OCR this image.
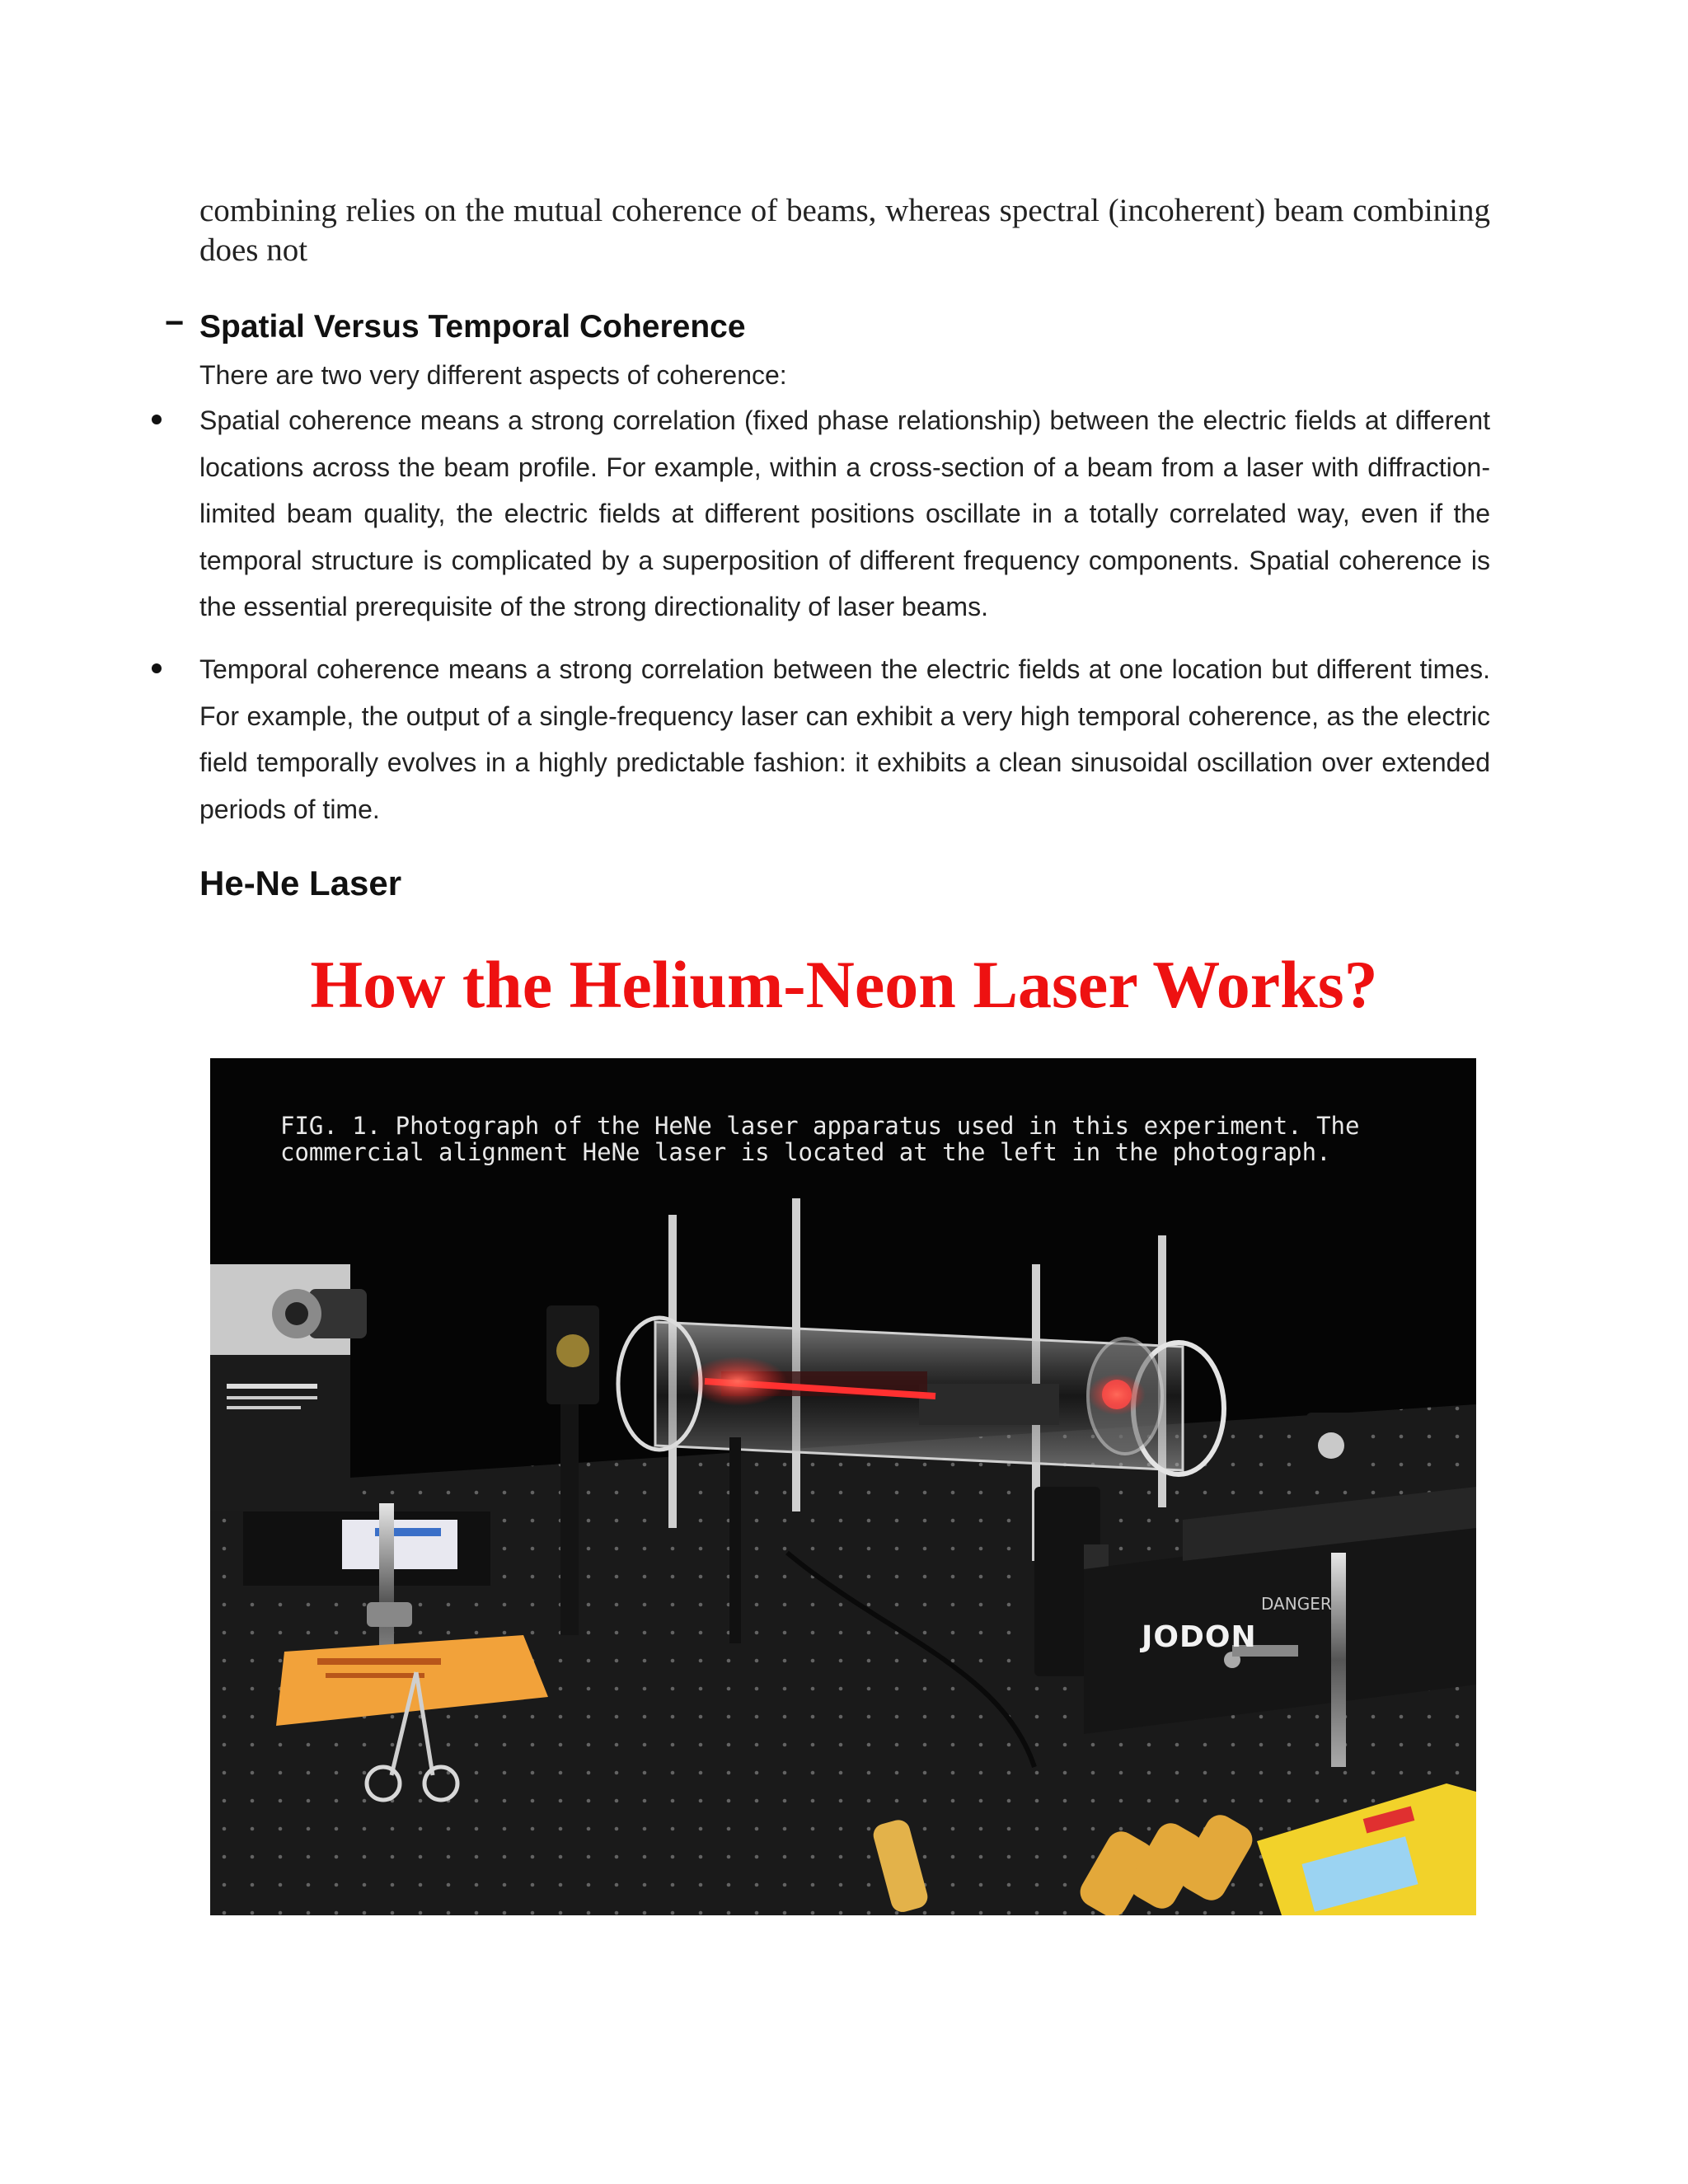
combining relies on the mutual coherence of beams, whereas spectral (incoherent) beam combining does not

− Spatial Versus Temporal Coherence

There are two very different aspects of coherence:

Spatial coherence means a strong correlation (fixed phase relationship) between the electric fields at different locations across the beam profile. For example, within a cross-section of a beam from a laser with diffraction-limited beam quality, the electric fields at different positions oscillate in a totally correlated way, even if the temporal structure is complicated by a superposition of different frequency components. Spatial coherence is the essential prerequisite of the strong directionality of laser beams.

Temporal coherence means a strong correlation between the electric fields at one location but different times. For example, the output of a single-frequency laser can exhibit a very high temporal coherence, as the electric field temporally evolves in a highly predictable fashion: it exhibits a clean sinusoidal oscillation over extended periods of time.

He-Ne Laser
How the Helium-Neon Laser Works?

FIG. 1. Photograph of the HeNe laser apparatus used in this experiment. The
commercial alignment HeNe laser is located at the left in the photograph.

DANGER
JODON
